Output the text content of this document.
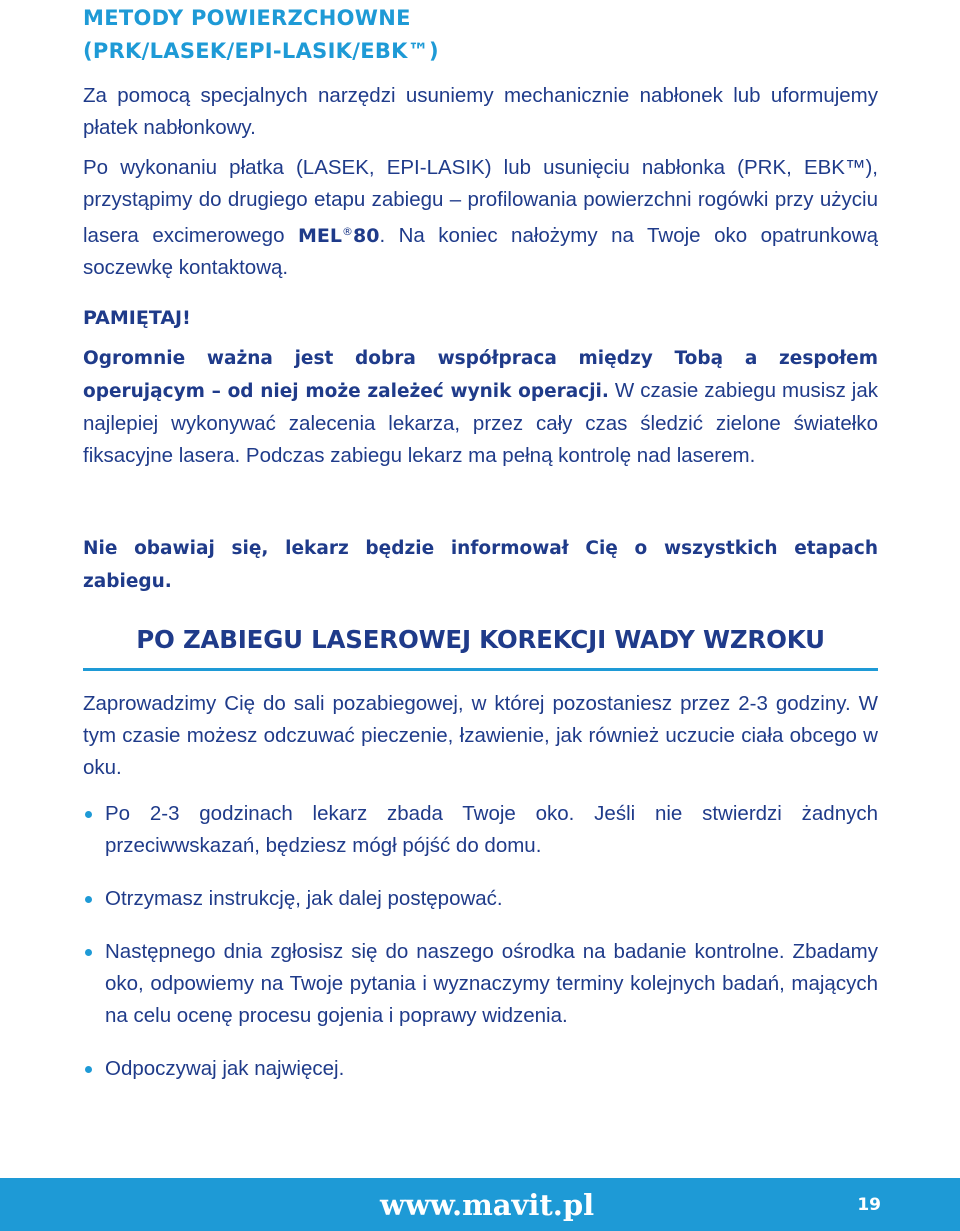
METODY POWIERZCHOWNE
(PRK/LASEK/EPI-LASIK/EBK™)

Za pomocą specjalnych narzędzi usuniemy mechanicznie nabłonek lub uformujemy płatek nabłonkowy.

Po wykonaniu płatka (LASEK, EPI-LASIK) lub usunięciu nabłonka (PRK, EBK™), przystąpimy do drugiego etapu zabiegu – profilowania powierzchni rogówki przy użyciu lasera excimerowego MEL®80. Na koniec nałożymy na Twoje oko opatrunkową soczewkę kontaktową.

PAMIĘTAJ!

Ogromnie ważna jest dobra współpraca między Tobą a zespołem operującym – od niej może zależeć wynik operacji. W czasie zabiegu musisz jak najlepiej wykonywać zalecenia lekarza, przez cały czas śledzić zielone światełko fiksacyjne lasera. Podczas zabiegu lekarz ma pełną kontrolę nad laserem.

Nie obawiaj się, lekarz będzie informował Cię o wszystkich etapach zabiegu.

PO ZABIEGU LASEROWEJ KOREKCJI WADY WZROKU

Zaprowadzimy Cię do sali pozabiegowej, w której pozostaniesz przez 2-3 godziny. W tym czasie możesz odczuwać pieczenie, łzawienie, jak również uczucie ciała obcego w oku.

Po 2-3 godzinach lekarz zbada Twoje oko. Jeśli nie stwierdzi żadnych przeciwwskazań, będziesz mógł pójść do domu.
Otrzymasz instrukcję, jak dalej postępować.
Następnego dnia zgłosisz się do naszego ośrodka na badanie kontrolne. Zbadamy oko, odpowiemy na Twoje pytania i wyznaczymy terminy kolejnych badań, mających na celu ocenę procesu gojenia i poprawy widzenia.
Odpoczywaj jak najwięcej.
www.mavit.pl	19
